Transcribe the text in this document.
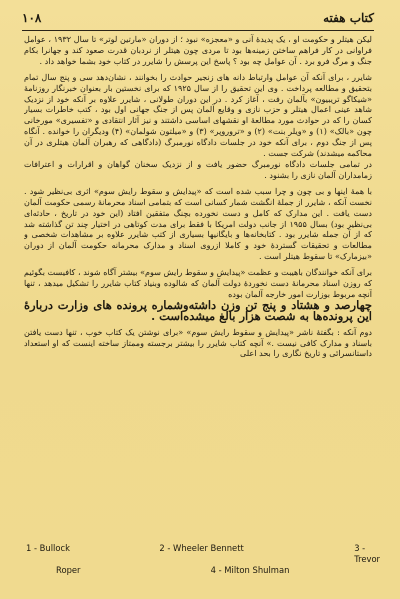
کتاب هفته
١٠٨

لیکن هیتلر و حکومت او ، یک پدیدهٔ آنی و «معجزه» نبود ؛ از دوران «مارتین لوتر» تا سال ۱۹۳۲ ، عوامل فراوانی در کار فراهم ساختن زمینه‌ها بود تا مردی چون هیتلر از نردبان قدرت صعود کند و جهانرا بکام جنگ و مرگ فرو برد . آن عوامل چه بود ؟ پاسخ این پرسش را شایرر در کتاب خود بشما خواهد داد .

شایرر ، برای آنکه آن عوامل وارتباط دانه های زنجیر حوادث را بخوانند ، نشان‌دهد سی و پنج سال تمام بتحقیق و مطالعه پرداخت . وی این تحقیق را از سال ۱۹۲۵ که برای نخستین بار بعنوان خبرنگار روزنامهٔ «شیکاگو تریبیون» بآلمان رفت ، آغاز کرد . در این دوران طولانی ، شایرر علاوه بر آنکه خود از نزدیک شاهد عینی اعمال هیتلر و حزب نازی و وقایع آلمان پس از جنگ جهانی اول بود ، کتب خاطرات بسیار کسان را که در حوادث مورد مطالعهٔ او نقشهای اساسی داشتند و نیز آثار انتقادی و «تفسیری» مورخانی چون «بالک» (۱) و «ویلر بنت» (۲) و «تروروپر» (۳) و «میلتون شولمان» (۴) ودیگران را خوانده . آنگاه پس از جنگ دوم ، برای آنکه خود در جلسات دادگاه نورمبرگ (دادگاهی که رهبران آلمان هیتلری در آن محاکمه میشدند) شرکت جست .

در تمامی جلسات دادگاه نورمبرگ حضور یافت و از نزدیک سخنان گواهان و اقرارات و اعترافات زمامداران آلمان نازی را بشنود .

با همهٔ اینها و بی چون و چرا سبب شده است که «پیدایش و سقوط رایش سوم» اثری بی‌نظیر شود . نخست آنکه ، شایرر از جملهٔ انگشت شمار کسانی است که بتمامی اسناد محرمانهٔ رسمی حکومت آلمان دست یافت . این مدارک که کامل و دست نخورده بچنگ متفقین افتاد (این خود در تاریخ ، حادثه‌ای بی‌نظیر بود) بسال ۱۹۵۵ از جانب دولت امریکا با فقط برای مدت کوتاهی در اختیار چند تن گذاشته شد که از آن جمله شایرر بود . کتابخانه‌ها و بایگانیها بسیاری از کتب شایرر علاوه بر مشاهدات شخصی و مطالعات و تحقیقات گستردهٔ خود و کاملا ازروی اسناد و مدارک محرمانه حکومت آلمان از دوران «بیزمارک» تا سقوط هیتلر است .

برای آنکه خوانندگان باهیبت و عظمت «پیدایش و سقوط رایش سوم» بیشتر آگاه شوند ، کافیست بگوئیم که روزن اسناد محرمانهٔ دست نخوردهٔ دولت آلمان که شالوده وبنیاد کتاب شایرر را تشکیل میدهد ، تنها آنچه مربوط بوزارت امور خارجه آلمان بوده

چهارصد و هشتاد و پنج تن وزن داشته‌وشماره پرونده‌ های وزارت دربارهٔ این پرونده‌ها به شصت هزار بالغ میشده‌است .

دوم آنکه : بگفتهٔ ناشر «پیدایش و سقوط رایش سوم» «برای نوشتن یک کتاب خوب ، تنها دست یافتن باسناد و مدارک کافی نیست .» آنچه کتاب شایرر را بیشتر برجسته وممتاز ساخته اینست که او استعداد داستانسرائی و تاریخ نگاری را بحد اعلی

1 - Bullock	2 - Wheeler Bennett	3 - Trevor
Roper	4 - Milton Shulman
